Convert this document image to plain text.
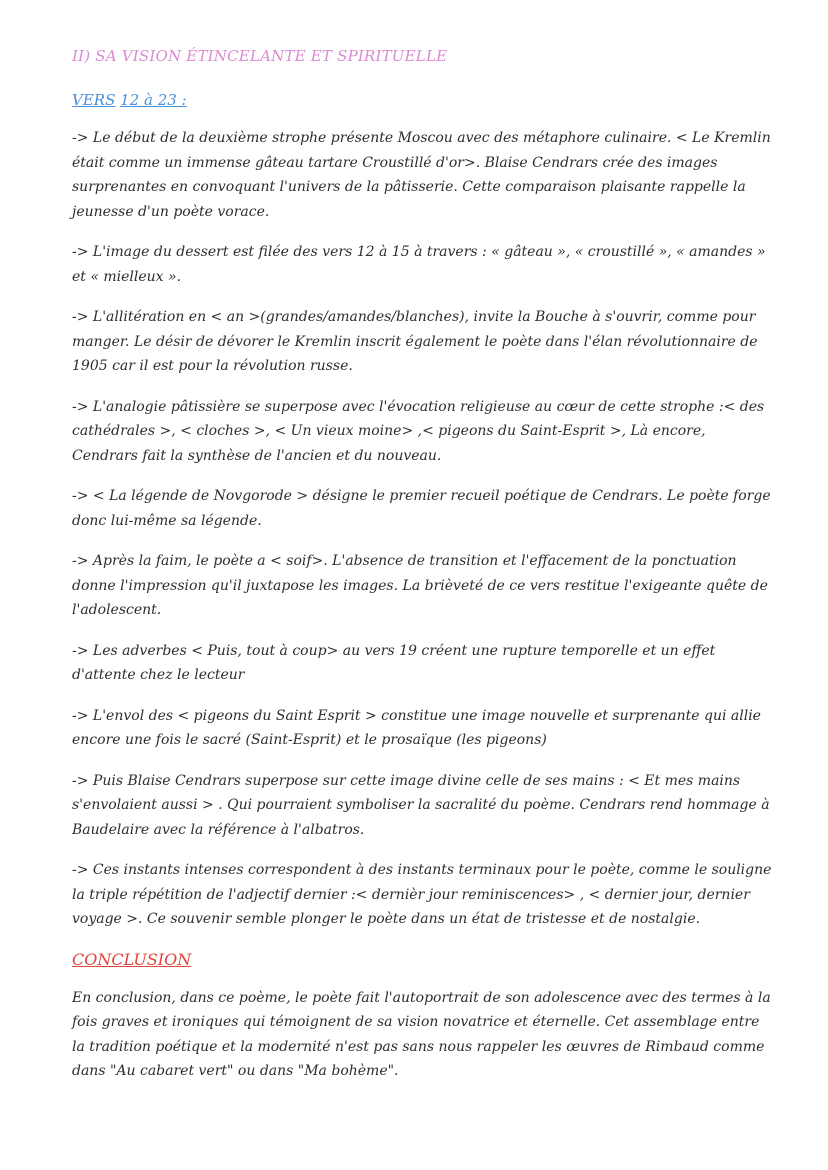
II) SA VISION ÉTINCELANTE ET SPIRITUELLE
VERS 12 à 23 :

-> Le début de la deuxième strophe présente Moscou avec des métaphore culinaire. < Le Kremlin était comme un immense gâteau tartare Croustillé d'or>. Blaise Cendrars crée des images surprenantes en convoquant l'univers de la pâtisserie. Cette comparaison plaisante rappelle la jeunesse d'un poète vorace.

-> L'image du dessert est filée des vers 12 à 15 à travers : « gâteau », « croustillé », « amandes » et « mielleux ».

-> L'allitération en < an >(grandes/amandes/blanches), invite la Bouche à s'ouvrir, comme pour manger. Le désir de dévorer le Kremlin inscrit également le poète dans l'élan révolutionnaire de 1905 car il est pour la révolution russe.

-> L'analogie pâtissière se superpose avec l'évocation religieuse au cœur de cette strophe :< des cathédrales >, < cloches >, < Un vieux moine> ,< pigeons du Saint-Esprit >, Là encore, Cendrars fait la synthèse de l'ancien et du nouveau.

-> < La légende de Novgorode > désigne le premier recueil poétique de Cendrars. Le poète forge donc lui-même sa légende.

-> Après la faim, le poète a < soif>. L'absence de transition et l'effacement de la ponctuation donne l'impression qu'il juxtapose les images. La brièveté de ce vers restitue l'exigeante quête de l'adolescent.

-> Les adverbes < Puis, tout à coup> au vers 19 créent une rupture temporelle et un effet d'attente chez le lecteur

-> L'envol des < pigeons du Saint Esprit > constitue une image nouvelle et surprenante qui allie encore une fois le sacré (Saint-Esprit) et le prosaïque (les pigeons)

-> Puis Blaise Cendrars superpose sur cette image divine celle de ses mains : < Et mes mains s'envolaient aussi > . Qui pourraient symboliser la sacralité du poème. Cendrars rend hommage à Baudelaire avec la référence à l'albatros.

-> Ces instants intenses correspondent à des instants terminaux pour le poète, comme le souligne la triple répétition de l'adjectif dernier :< dernièr jour reminiscences> , < dernier jour, dernier voyage >. Ce souvenir semble plonger le poète dans un état de tristesse et de nostalgie.

CONCLUSION

En conclusion, dans ce poème, le poète fait l'autoportrait de son adolescence avec des termes à la fois graves et ironiques qui témoignent de sa vision novatrice et éternelle. Cet assemblage entre la tradition poétique et la modernité n'est pas sans nous rappeler les œuvres de Rimbaud comme dans "Au cabaret vert" ou dans "Ma bohème".
